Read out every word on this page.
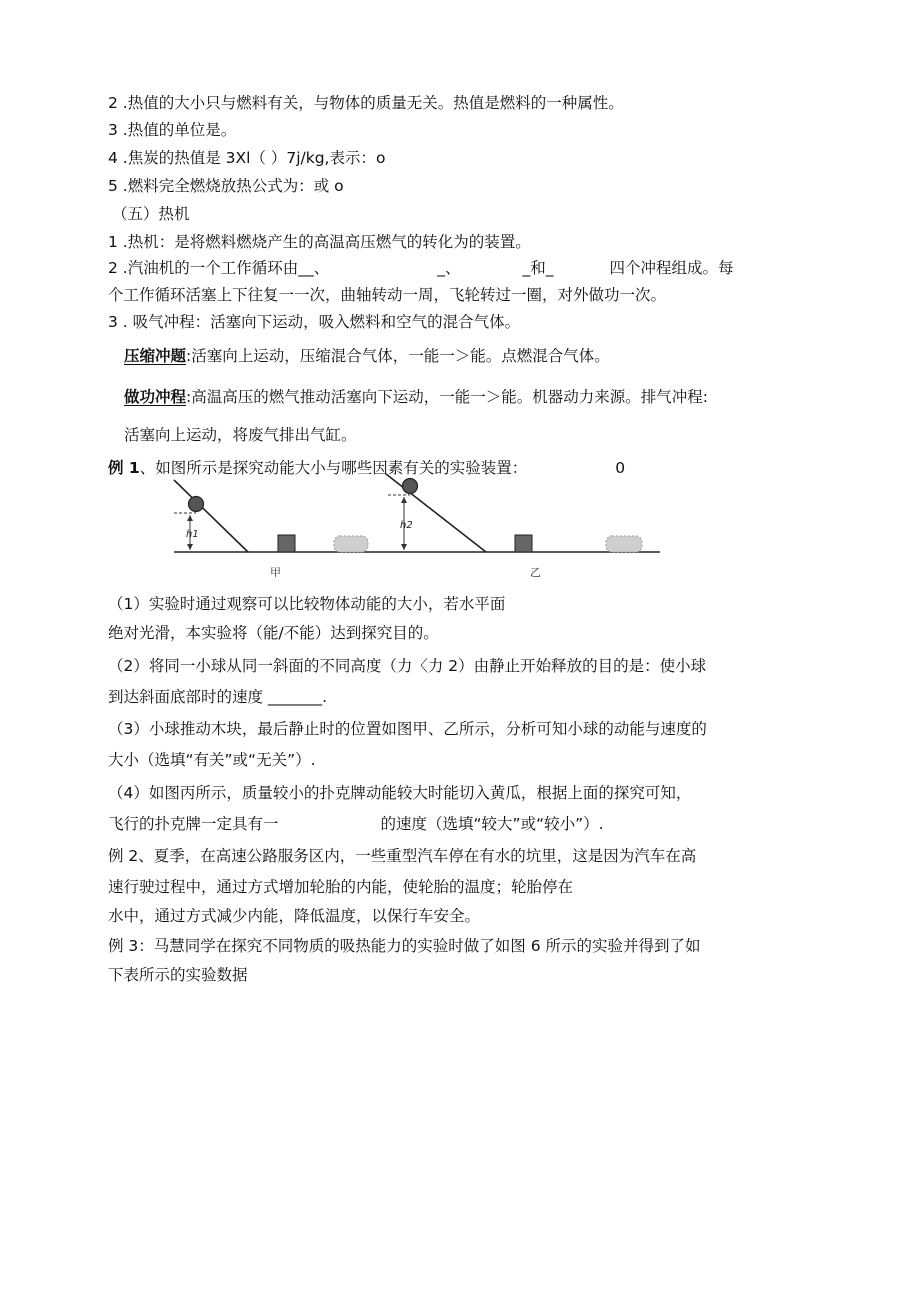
2 .热值的大小只与燃料有关，与物体的质量无关。热值是燃料的一种属性。
3 .热值的单位是。
4 .焦炭的热值是 3Xl（ ）7j∕kg,表示：o
5 .燃料完全燃烧放热公式为：或 o
（五）热机
1 .热机：是将燃料燃烧产生的高温高压燃气的转化为的装置。
2 .汽油机的一个工作循环由__、	_、	_和_	四个冲程组成。每
个工作循环活塞上下往复一一次，曲轴转动一周，飞轮转过一圈，对外做功一次。
3 . 吸气冲程：活塞向下运动，吸入燃料和空气的混合气体。
压缩冲题:活塞向上运动，压缩混合气体，一能一＞能。点燃混合气体。
做功冲程:高温高压的燃气推动活塞向下运动，一能一＞能。机器动力来源。排气冲程:
活塞向上运动，将废气排出气缸。
例 1、如图所示是探究动能大小与哪些因素有关的实验装置：	0
h1
甲
h2
乙
（1）实验时通过观察可以比较物体动能的大小，若水平面
绝对光滑，本实验将（能/不能）达到探究目的。
（2）将同一小球从同一斜面的不同高度（力〈力 2）由静止开始释放的目的是：使小球
到达斜面底部时的速度 _______.
（3）小球推动木块，最后静止时的位置如图甲、乙所示，分析可知小球的动能与速度的
大小（选填“有关”或“无关”）.
（4）如图丙所示，质量较小的扑克牌动能较大时能切入黄瓜，根据上面的探究可知，
飞行的扑克牌一定具有一	的速度（选填“较大”或“较小”）.
例 2、夏季，在高速公路服务区内，一些重型汽车停在有水的坑里，这是因为汽车在高
速行驶过程中，通过方式增加轮胎的内能，使轮胎的温度；轮胎停在
水中，通过方式减少内能，降低温度，以保行车安全。
例 3：马慧同学在探究不同物质的吸热能力的实验时做了如图 6 所示的实验并得到了如
下表所示的实验数据
